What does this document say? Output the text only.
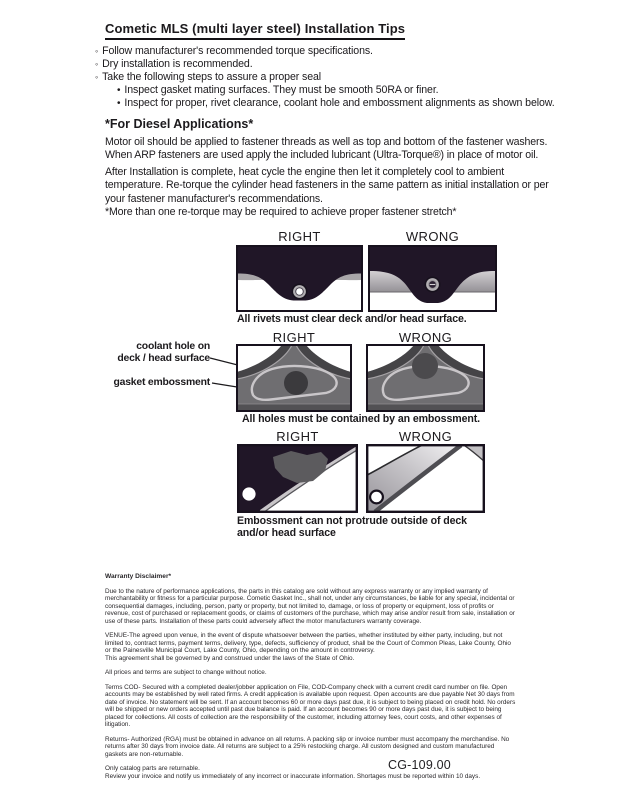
Cometic MLS (multi layer steel) Installation Tips
◦ Follow manufacturer's recommended torque specifications.
◦ Dry installation is recommended.
◦ Take the following steps to assure a proper seal
• Inspect gasket mating surfaces. They must be smooth 50RA or finer.
• Inspect for proper, rivet clearance, coolant hole and embossment alignments as shown below.
*For Diesel Applications*

Motor oil should be applied to fastener threads as well as top and bottom of the fastener washers. When ARP fasteners are used apply the included lubricant (Ultra-Torque®) in place of motor oil.

After Installation is complete, heat cycle the engine then let it completely cool to ambient temperature. Re-torque the cylinder head fasteners in the same pattern as initial installation or per your fastener manufacturer's recommendations.

*More than one re-torque may be required to achieve proper fastener stretch*

RIGHT	WRONG
All rivets must clear deck and/or head surface.
RIGHT	WRONG
coolant hole on
deck / head surface
gasket embossment
All holes must be contained by an embossment.
RIGHT	WRONG
Embossment can not protrude outside of deck and/or head surface
Warranty Disclaimer*

Due to the nature of performance applications, the parts in this catalog are sold without any express warranty or any implied warranty of merchantability or fitness for a particular purpose. Cometic Gasket Inc., shall not, under any circumstances, be liable for any special, incidental or consequential damages, including, person, party or property, but not limited to, damage, or loss of property or equipment, loss of profits or revenue, cost of purchased or replacement goods, or claims of customers of the purchase, which may arise and/or result from sale, installation or use of these parts. Installation of these parts could adversely affect the motor manufacturers warranty coverage.

VENUE-The agreed upon venue, in the event of dispute whatsoever between the parties, whether instituted by either party, including, but not limited to, contract terms, payment terms, delivery, type, defects, sufficiency of product, shall be the Court of Common Pleas, Lake County, Ohio or the Painesville Municipal Court, Lake County, Ohio, depending on the amount in controversy.

This agreement shall be governed by and construed under the laws of the State of Ohio.

All prices and terms are subject to change without notice.

Terms COD- Secured with a completed dealer/jobber application on File, COD-Company check with a current credit card number on file. Open accounts may be established by well rated firms. A credit application is available upon request. Open accounts are due payable Net 30 days from date of invoice. No statement will be sent. If an account becomes 60 or more days past due, it is subject to being placed on credit hold. No orders will be shipped or new orders accepted until past due balance is paid. If an account becomes 90 or more days past due, it is subject to being placed for collections. All costs of collection are the responsibility of the customer, including attorney fees, court costs, and other expenses of litigation.

Returns- Authorized (RGA) must be obtained in advance on all returns. A packing slip or invoice number must accompany the merchandise. No returns after 30 days from invoice date. All returns are subject to a 25% restocking charge. All custom designed and custom manufactured gaskets are non-returnable.

Only catalog parts are returnable.

Review your invoice and notify us immediately of any incorrect or inaccurate information. Shortages must be reported within 10 days.

CG-109.00
